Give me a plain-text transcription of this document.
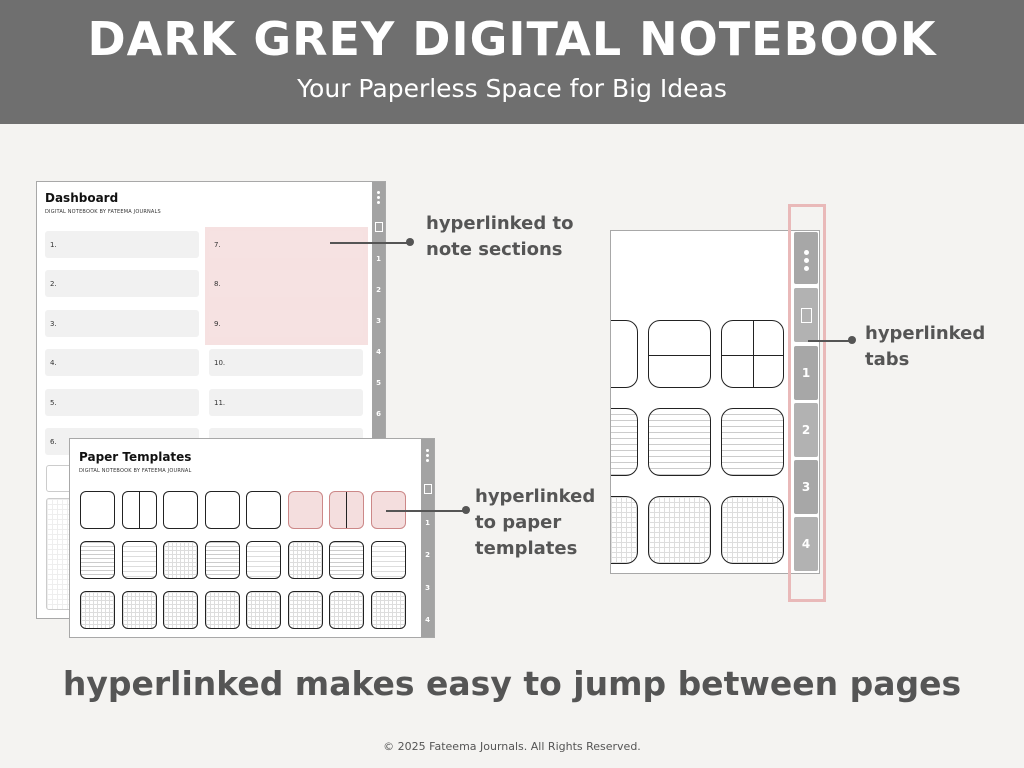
DARK GREY DIGITAL NOTEBOOK
Your Paperless Space for Big Ideas
Dashboard
DIGITAL NOTEBOOK BY FATEEMA JOURNALS
1.
2.
3.
4.
5.
6.
7.
8.
9.
10.
11.
1
2
3
4
5
6
Paper Templates
DIGITAL NOTEBOOK BY FATEEMA JOURNAL
1
2
3
4
hyperlinked to
note sections
hyperlinked
to paper
templates
1
2
3
4
hyperlinked
tabs
hyperlinked makes easy to jump between pages
© 2025 Fateema Journals. All Rights Reserved.
